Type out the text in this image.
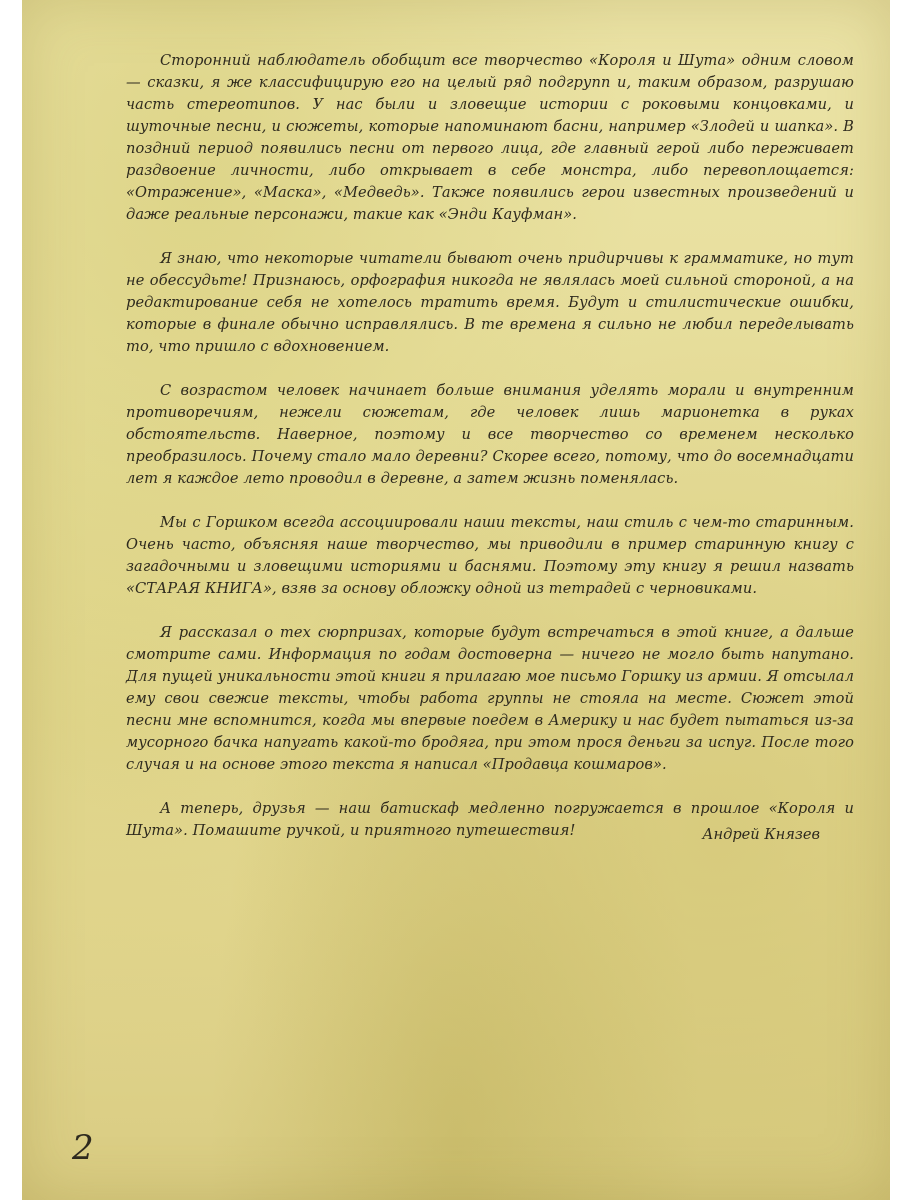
Сторонний наблюдатель обобщит все творчество «Короля и Шута» одним словом — сказки, я же классифицирую его на целый ряд подгрупп и, таким образом, разрушаю часть стереотипов. У нас были и зловещие истории с роковыми концовками, и шуточные песни, и сюжеты, которые напоминают басни, например «Злодей и шапка». В поздний период появились песни от первого лица, где главный герой либо переживает раздвоение личности, либо открывает в себе монстра, либо перевоплощается: «Отражение», «Маска», «Медведь». Также появились герои известных произведений и даже реальные персонажи, такие как «Энди Кауфман».

Я знаю, что некоторые читатели бывают очень придирчивы к грамматике, но тут не обессудьте! Признаюсь, орфография никогда не являлась моей сильной стороной, а на редактирование себя не хотелось тратить время. Будут и стилистические ошибки, которые в финале обычно исправлялись. В те времена я сильно не любил переделывать то, что пришло с вдохновением.

С возрастом человек начинает больше внимания уделять морали и внутренним противоречиям, нежели сюжетам, где человек лишь марионетка в руках обстоятельств. Наверное, поэтому и все творчество со временем несколько преобразилось. Почему стало мало деревни? Скорее всего, потому, что до восемнадцати лет я каждое лето проводил в деревне, а затем жизнь поменялась.

Мы с Горшком всегда ассоциировали наши тексты, наш стиль с чем-то старинным. Очень часто, объясняя наше творчество, мы приводили в пример старинную книгу с загадочными и зловещими историями и баснями. Поэтому эту книгу я решил назвать «СТАРАЯ КНИГА», взяв за основу обложку одной из тетрадей с черновиками.

Я рассказал о тех сюрпризах, которые будут встречаться в этой книге, а дальше смотрите сами. Информация по годам достоверна — ничего не могло быть напутано. Для пущей уникальности этой книги я прилагаю мое письмо Горшку из армии. Я отсылал ему свои свежие тексты, чтобы работа группы не стояла на месте. Сюжет этой песни мне вспомнится, когда мы впервые поедем в Америку и нас будет пытаться из-за мусорного бачка напугать какой-то бродяга, при этом прося деньги за испуг. После того случая и на основе этого текста я написал «Продавца кошмаров».

А теперь, друзья — наш батискаф медленно погружается в прошлое «Короля и Шута». Помашите ручкой, и приятного путешествия!	Андрей Князев
2
